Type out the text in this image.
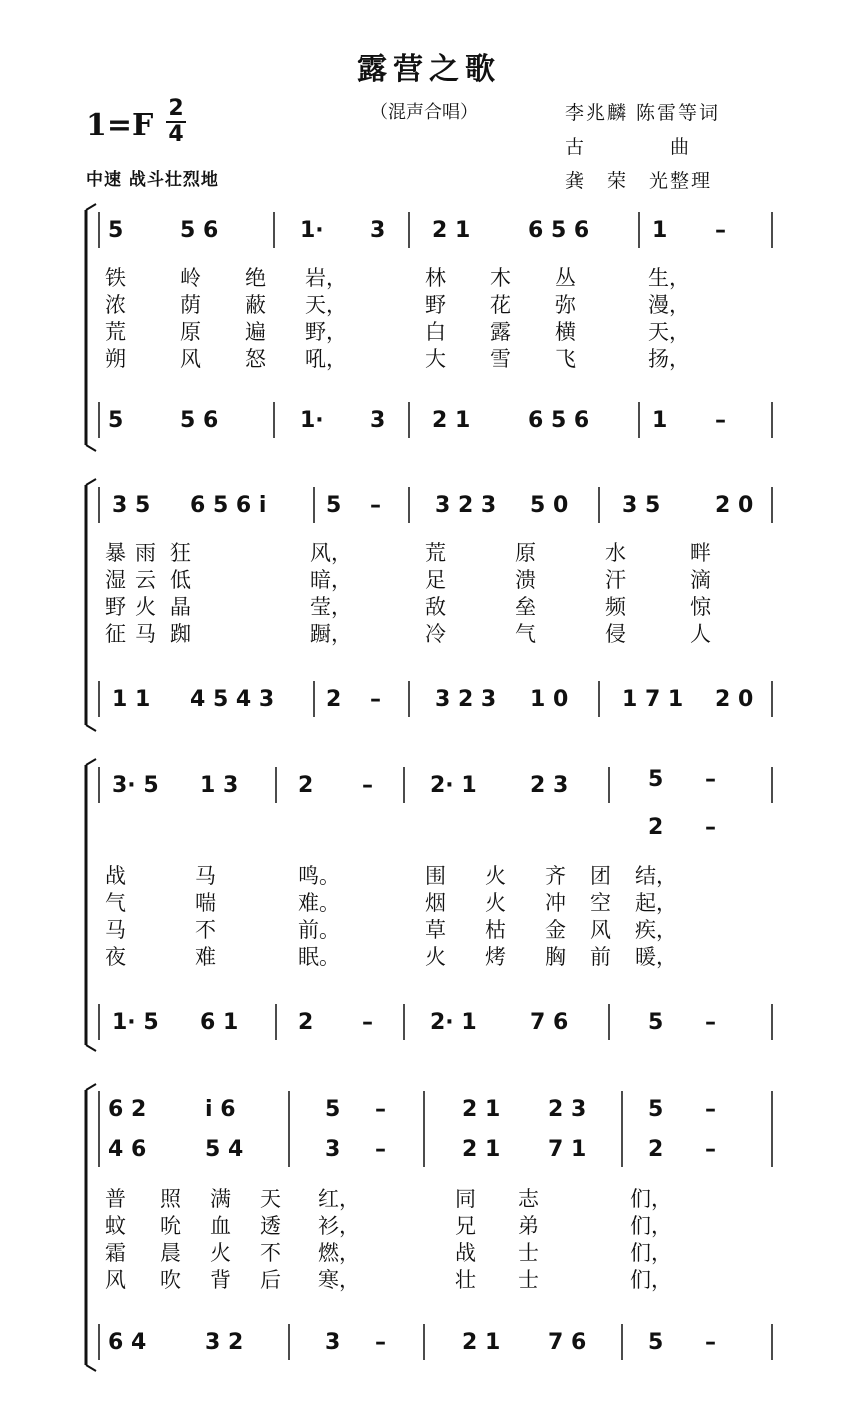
露营之歌
（混声合唱）
1=F 2
4
李兆麟 陈雷等词
古　　　　曲
龚　荣　光整理
中速 战斗壮烈地
5	5 6	1· 3 2 1	6 5 6	1 –
铁	岭 绝 岩，	林 木 丛	生，
浓	荫 蔽 天，	野 花 弥	漫，
荒	原 遍 野，	白 露 横	天，
朔	风 怒 吼，	大 雪 飞	扬，
5	5 6	1· 3 2 1	6 5 6	1 –
3 5 6 5 6 i	5 – 3 2 3 5 0 3 5 2 0
暴 雨 狂	风，	荒	原	水	畔
湿 云 低	暗，	足	溃	汗	滴
野 火 晶	莹，	敌	垒	频	惊
征 马 踟	蹰，	冷	气	侵	人
1 1 4 5 4 3 2 – 3 2 3 1 0 1 7 1 2 0
3· 5 1 3	2 –	2· 1 2 3	5 –
2 –
战	马	鸣。	围 火 齐 团 结，
气	喘	难。	烟 火 冲 空 起，
马	不	前。	草 枯 金 风 疾，
夜	难	眠。	火 烤 胸 前 暖，
1· 5 6 1	2 –	2· 1 7 6	5 –
6 2	i 6	5 –	2 1 2 3	5 –
4 6	5 4	3 –	2 1 7 1	2 –
普 照 满 天 红，	同 志	们，
蚊 吮 血 透 衫，	兄 弟	们，
霜 晨 火 不 燃，	战 士	们，
风 吹 背 后 寒，	壮 士	们，
6 4	3 2	3 –	2 1 7 6	5 –
